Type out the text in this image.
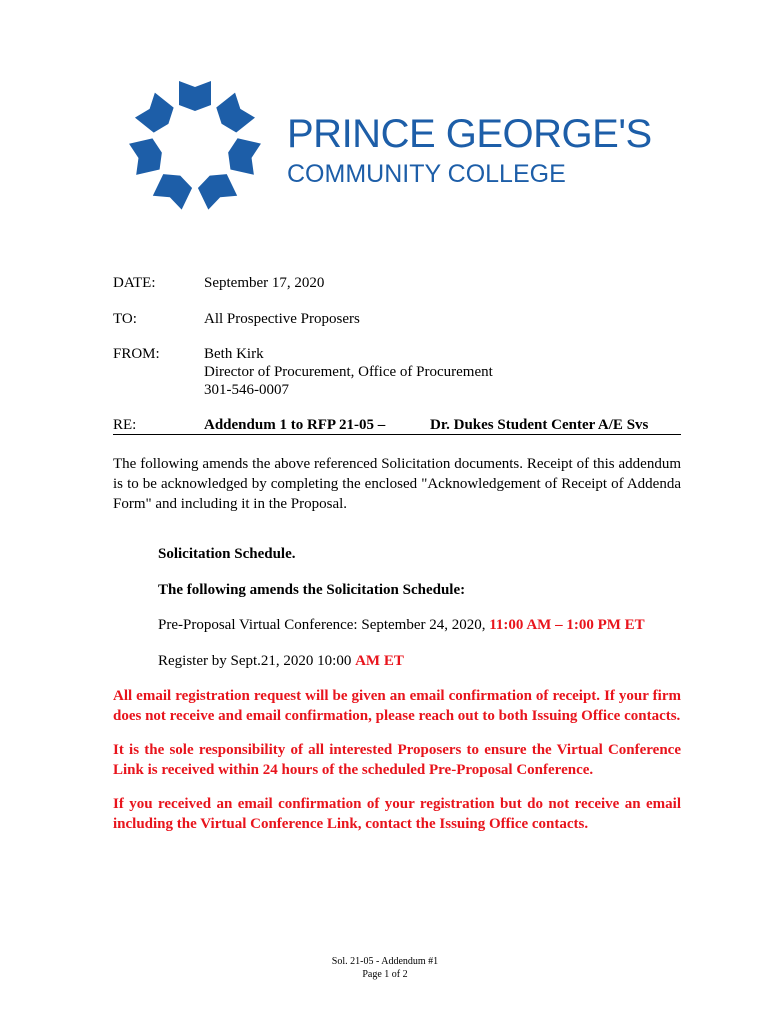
PRINCE GEORGE'S
COMMUNITY COLLEGE
DATE:	September 17, 2020
TO:	All Prospective Proposers
FROM:	Beth Kirk
Director of Procurement, Office of Procurement
301-546-0007
RE:	Addendum 1 to RFP 21-05 –	Dr. Dukes Student Center A/E Svs
The following amends the above referenced Solicitation documents. Receipt of this addendum is to be acknowledged by completing the enclosed "Acknowledgement of Receipt of Addenda Form" and including it in the Proposal.
Solicitation Schedule.
The following amends the Solicitation Schedule:
Pre-Proposal Virtual Conference: September 24, 2020, 11:00 AM – 1:00 PM ET
Register by Sept.21, 2020 10:00 AM ET
All email registration request will be given an email confirmation of receipt. If your firm does not receive and email confirmation, please reach out to both Issuing Office contacts.
It is the sole responsibility of all interested Proposers to ensure the Virtual Conference Link is received within 24 hours of the scheduled Pre-Proposal Conference.
If you received an email confirmation of your registration but do not receive an email including the Virtual Conference Link, contact the Issuing Office contacts.
Sol. 21-05 - Addendum #1
Page 1 of 2
